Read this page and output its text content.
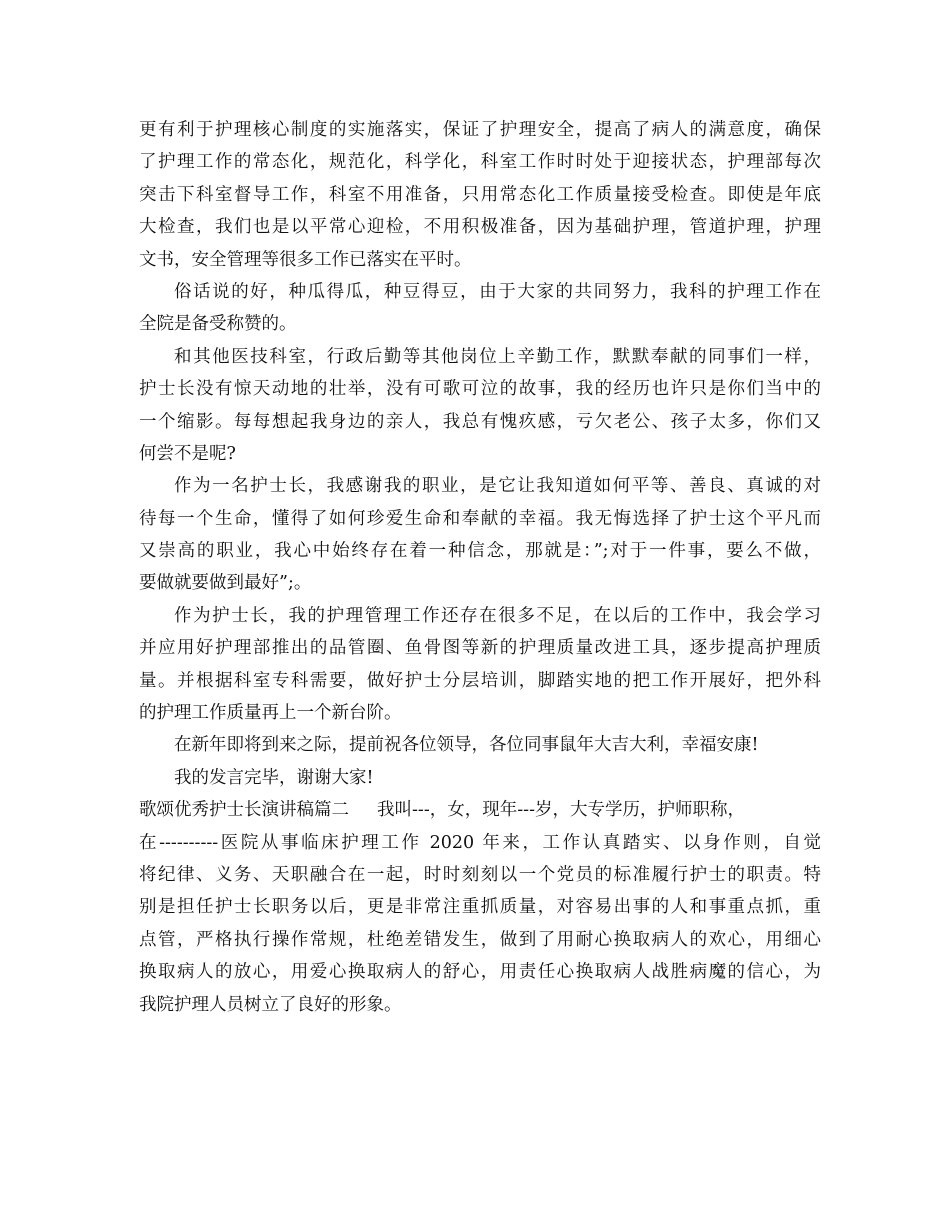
更有利于护理核心制度的实施落实，保证了护理安全，提高了病人的满意度，确保
了护理工作的常态化，规范化，科学化，科室工作时时处于迎接状态，护理部每次
突击下科室督导工作，科室不用准备，只用常态化工作质量接受检查。即使是年底
大检查，我们也是以平常心迎检，不用积极准备，因为基础护理，管道护理，护理
文书，安全管理等很多工作已落实在平时。
俗话说的好，种瓜得瓜，种豆得豆，由于大家的共同努力，我科的护理工作在
全院是备受称赞的。
和其他医技科室，行政后勤等其他岗位上辛勤工作，默默奉献的同事们一样，
护士长没有惊天动地的壮举，没有可歌可泣的故事，我的经历也许只是你们当中的
一个缩影。每每想起我身边的亲人，我总有愧疚感，亏欠老公、孩子太多，你们又
何尝不是呢?
作为一名护士长，我感谢我的职业，是它让我知道如何平等、善良、真诚的对
待每一个生命，懂得了如何珍爱生命和奉献的幸福。我无悔选择了护士这个平凡而
又崇高的职业，我心中始终存在着一种信念，那就是：”;对于一件事，要么不做，
要做就要做到最好”;。
作为护士长，我的护理管理工作还存在很多不足，在以后的工作中，我会学习
并应用好护理部推出的品管圈、鱼骨图等新的护理质量改进工具，逐步提高护理质
量。并根据科室专科需要，做好护士分层培训，脚踏实地的把工作开展好，把外科
的护理工作质量再上一个新台阶。
在新年即将到来之际，提前祝各位领导，各位同事鼠年大吉大利，幸福安康!
我的发言完毕，谢谢大家!
歌颂优秀护士长演讲稿篇二 我叫---，女，现年---岁，大专学历，护师职称，
在----------医院从事临床护理工作 2020 年来，工作认真踏实、以身作则，自觉
将纪律、义务、天职融合在一起，时时刻刻以一个党员的标准履行护士的职责。特
别是担任护士长职务以后，更是非常注重抓质量，对容易出事的人和事重点抓，重
点管，严格执行操作常规，杜绝差错发生，做到了用耐心换取病人的欢心，用细心
换取病人的放心，用爱心换取病人的舒心，用责任心换取病人战胜病魔的信心，为
我院护理人员树立了良好的形象。
